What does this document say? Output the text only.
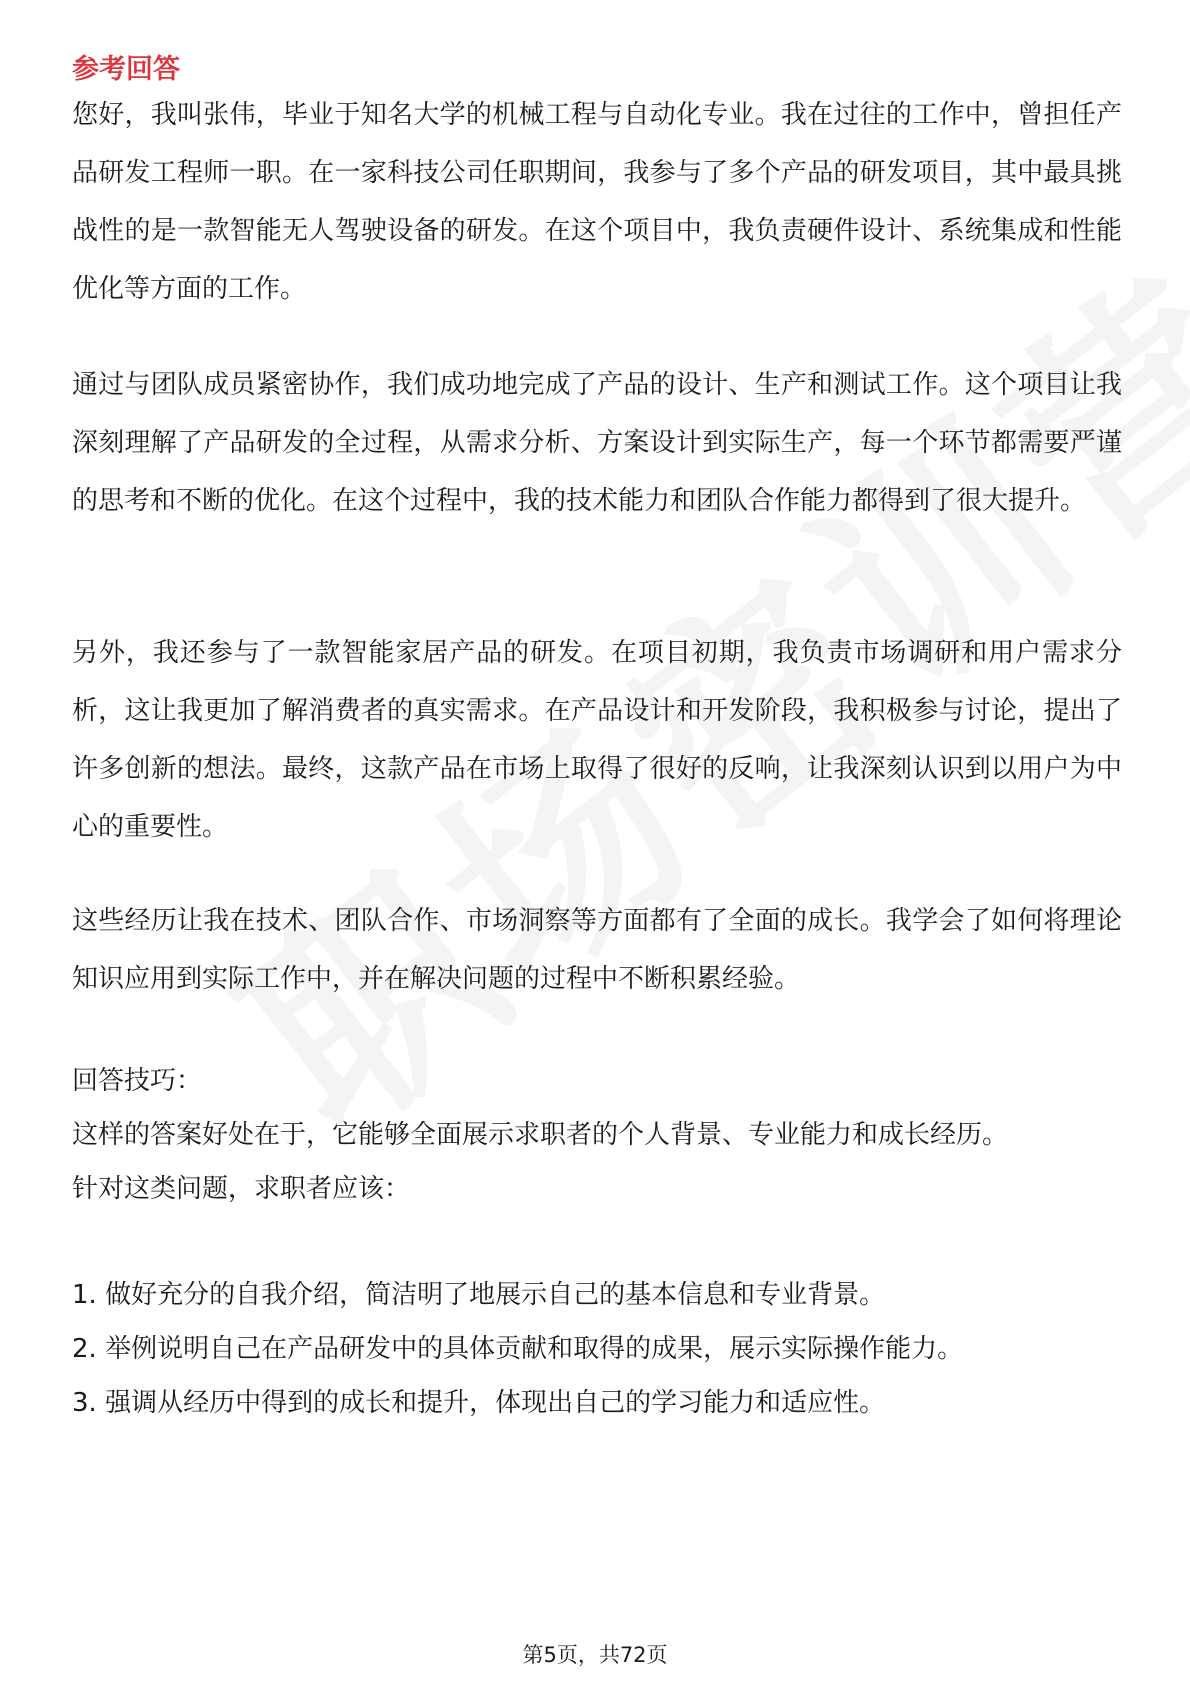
参考回答

您好，我叫张伟，毕业于知名大学的机械工程与自动化专业。我在过往的工作中，曾担任产品研发工程师一职。在一家科技公司任职期间，我参与了多个产品的研发项目，其中最具挑战性的是一款智能无人驾驶设备的研发。在这个项目中，我负责硬件设计、系统集成和性能优化等方面的工作。

通过与团队成员紧密协作，我们成功地完成了产品的设计、生产和测试工作。这个项目让我深刻理解了产品研发的全过程，从需求分析、方案设计到实际生产，每一个环节都需要严谨的思考和不断的优化。在这个过程中，我的技术能力和团队合作能力都得到了很大提升。

另外，我还参与了一款智能家居产品的研发。在项目初期，我负责市场调研和用户需求分析，这让我更加了解消费者的真实需求。在产品设计和开发阶段，我积极参与讨论，提出了许多创新的想法。最终，这款产品在市场上取得了很好的反响，让我深刻认识到以用户为中心的重要性。

这些经历让我在技术、团队合作、市场洞察等方面都有了全面的成长。我学会了如何将理论知识应用到实际工作中，并在解决问题的过程中不断积累经验。

回答技巧：

这样的答案好处在于，它能够全面展示求职者的个人背景、专业能力和成长经历。

针对这类问题，求职者应该：

1. 做好充分的自我介绍，简洁明了地展示自己的基本信息和专业背景。

2. 举例说明自己在产品研发中的具体贡献和取得的成果，展示实际操作能力。

3. 强调从经历中得到的成长和提升，体现出自己的学习能力和适应性。

第5页，共72页
